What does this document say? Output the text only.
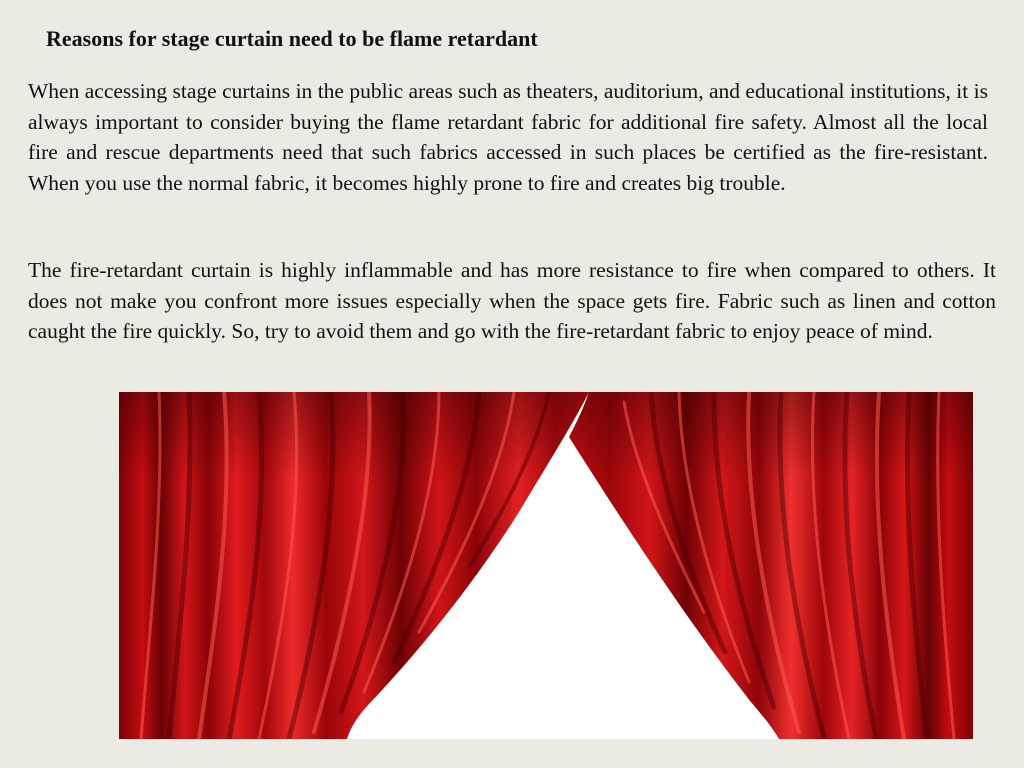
Reasons for stage curtain need to be flame retardant

When accessing stage curtains in the public areas such as theaters, auditorium, and educational institutions, it is always important to consider buying the flame retardant fabric for additional fire safety. Almost all the local fire and rescue departments need that such fabrics accessed in such places be certified as the fire-resistant. When you use the normal fabric, it becomes highly prone to fire and creates big trouble.

The fire-retardant curtain is highly inflammable and has more resistance to fire when compared to others. It does not make you confront more issues especially when the space gets fire. Fabric such as linen and cotton caught the fire quickly. So, try to avoid them and go with the fire-retardant fabric to enjoy peace of mind.
